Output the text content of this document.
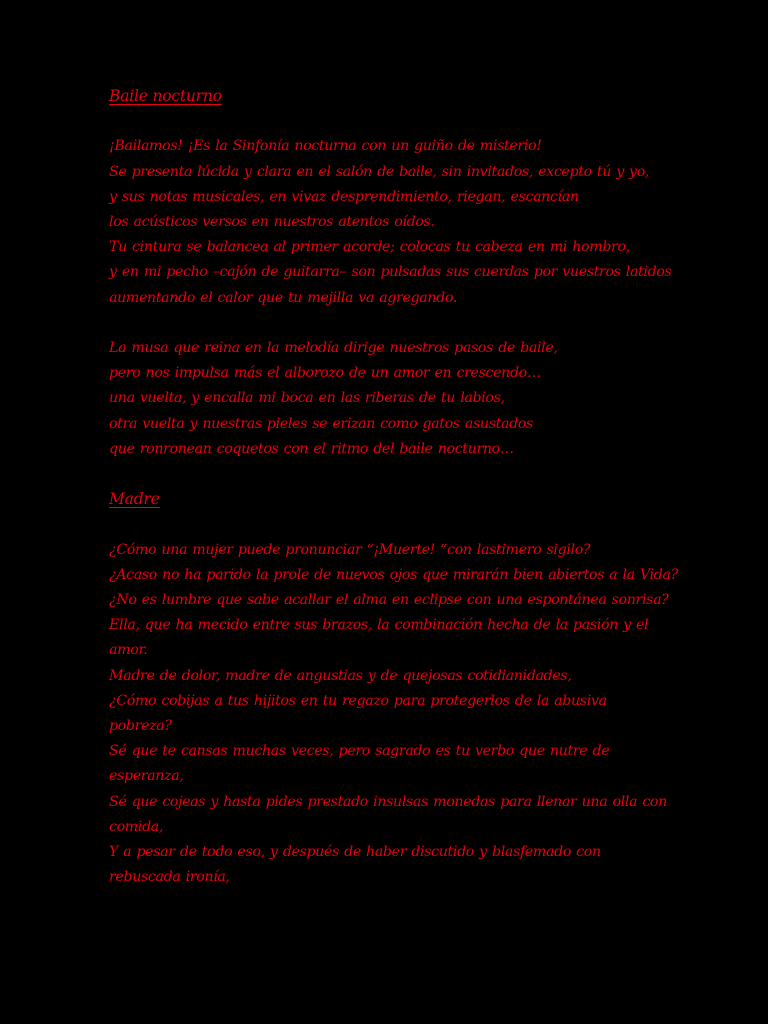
Baile nocturno

¡Bailamos! ¡Es la Sinfonía nocturna con un guiño de misterio!

Se presenta lúcida y clara en el salón de baile, sin invitados, excepto tú y yo,

y sus notas musicales, en vivaz desprendimiento, riegan, escancían

los acústicos versos en nuestros atentos oídos.

Tu cintura se balancea al primer acorde; colocas tu cabeza en mi hombro,

y en mi pecho –cajón de guitarra– son pulsadas sus cuerdas por vuestros latidos

aumentando el calor que tu mejilla va agregando.

La musa que reina en la melodía dirige nuestros pasos de baile,

pero nos impulsa más el alborozo de un amor en crescendo…

una vuelta, y encalla mi boca en las riberas de tu labios,

otra vuelta y nuestras pieles se erizan como gatos asustados

que ronronean coquetos con el ritmo del baile nocturno…

Madre

¿Cómo una mujer puede pronunciar “¡Muerte! “con lastimero sigilo?

¿Acaso no ha parido la prole de nuevos ojos que mirarán bien abiertos a la Vida?

¿No es lumbre que sabe acallar el alma en eclipse con una espontánea sonrisa?

Ella, que ha mecido entre sus brazos, la combinación hecha de la pasión y el

amor.

Madre de dolor, madre de angustias y de quejosas cotidianidades,

¿Cómo cobijas a tus hijitos en tu regazo para protegerlos de la abusiva

pobreza?

Sé que te cansas muchas veces, pero sagrado es tu verbo que nutre de

esperanza,

Sé que cojeas y hasta pides prestado insulsas monedas para llenar una olla con

comida,

Y a pesar de todo eso, y después de haber discutido y blasfemado con

rebuscada ironía,
